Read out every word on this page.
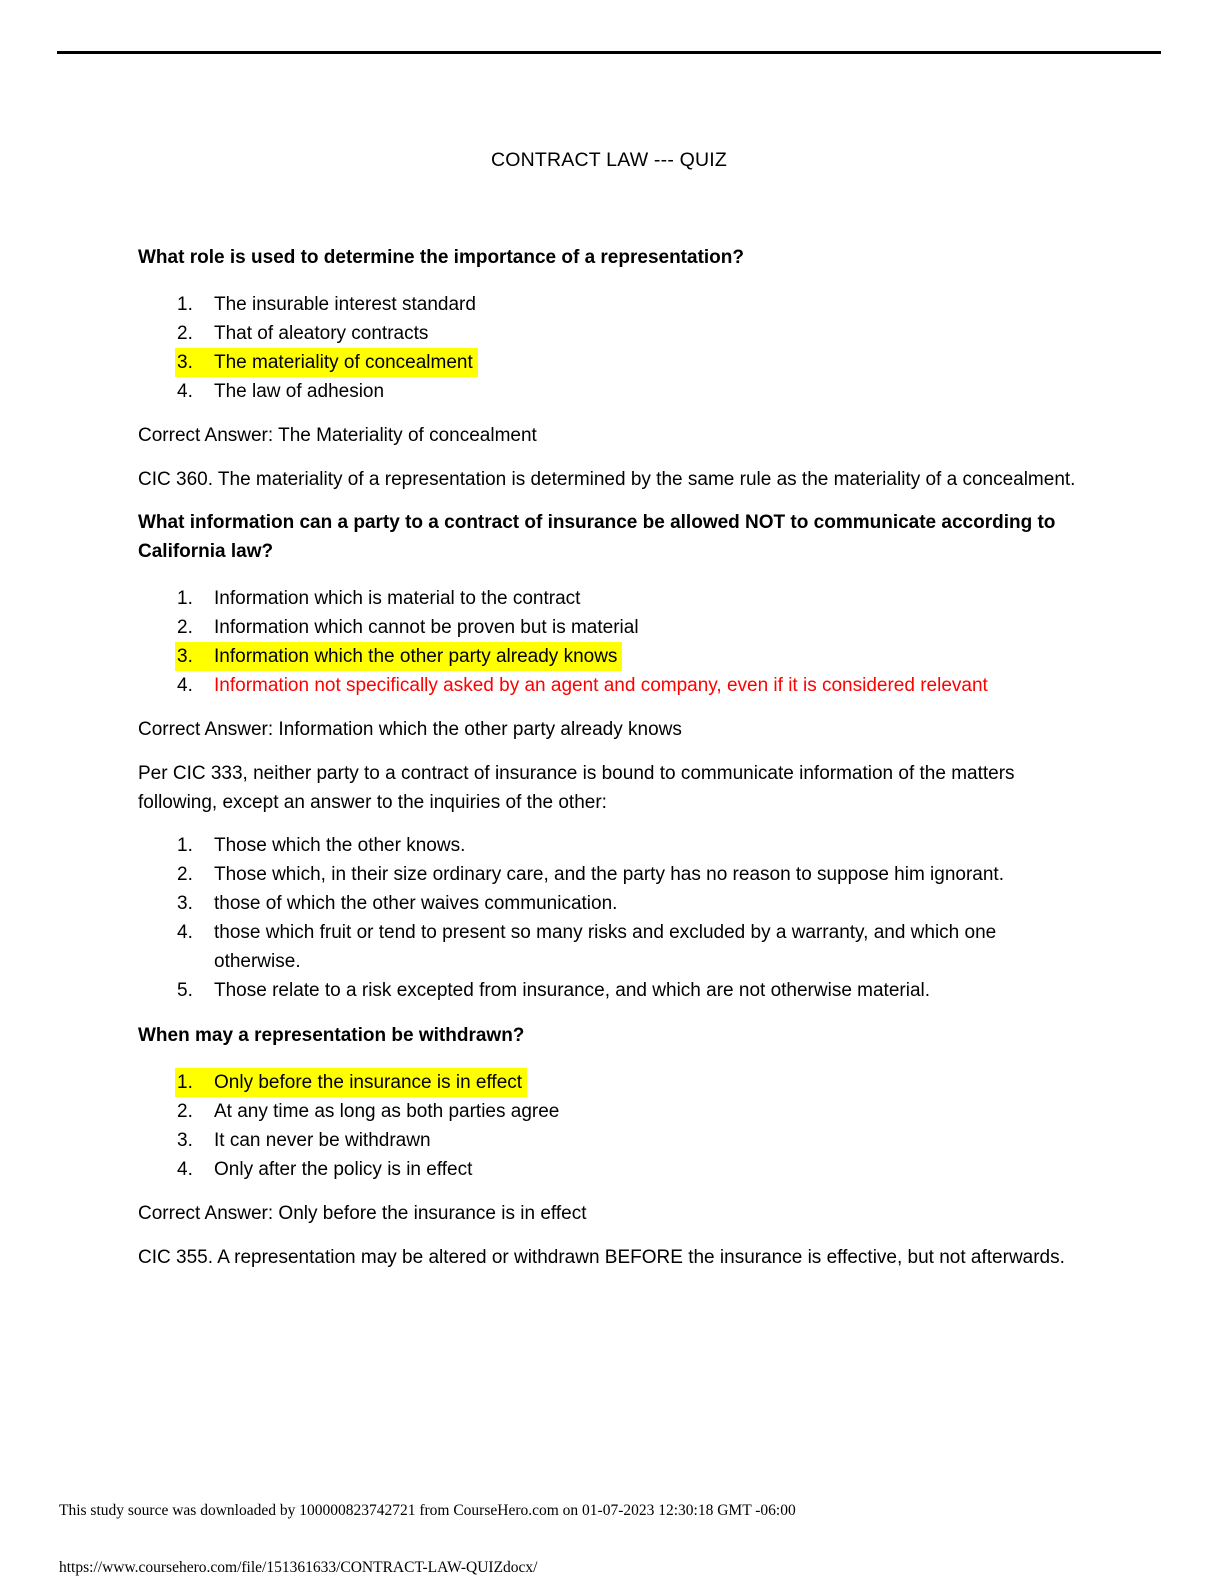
CONTRACT LAW --- QUIZ
What role is used to determine the importance of a representation?
1. The insurable interest standard
2. That of aleatory contracts
3. The materiality of concealment
4. The law of adhesion
Correct Answer: The Materiality of concealment
CIC 360. The materiality of a representation is determined by the same rule as the materiality of a concealment.
What information can a party to a contract of insurance be allowed NOT to communicate according to California law?
1. Information which is material to the contract
2. Information which cannot be proven but is material
3. Information which the other party already knows
4. Information not specifically asked by an agent and company, even if it is considered relevant
Correct Answer: Information which the other party already knows
Per CIC 333, neither party to a contract of insurance is bound to communicate information of the matters following, except an answer to the inquiries of the other:
1. Those which the other knows.
2. Those which, in their size ordinary care, and the party has no reason to suppose him ignorant.
3. those of which the other waives communication.
4. those which fruit or tend to present so many risks and excluded by a warranty, and which one otherwise.
5. Those relate to a risk excepted from insurance, and which are not otherwise material.
When may a representation be withdrawn?
1. Only before the insurance is in effect
2. At any time as long as both parties agree
3. It can never be withdrawn
4. Only after the policy is in effect
Correct Answer: Only before the insurance is in effect
CIC 355. A representation may be altered or withdrawn BEFORE the insurance is effective, but not afterwards.
This study source was downloaded by 100000823742721 from CourseHero.com on 01-07-2023 12:30:18 GMT -06:00
https://www.coursehero.com/file/151361633/CONTRACT-LAW-QUIZdocx/
